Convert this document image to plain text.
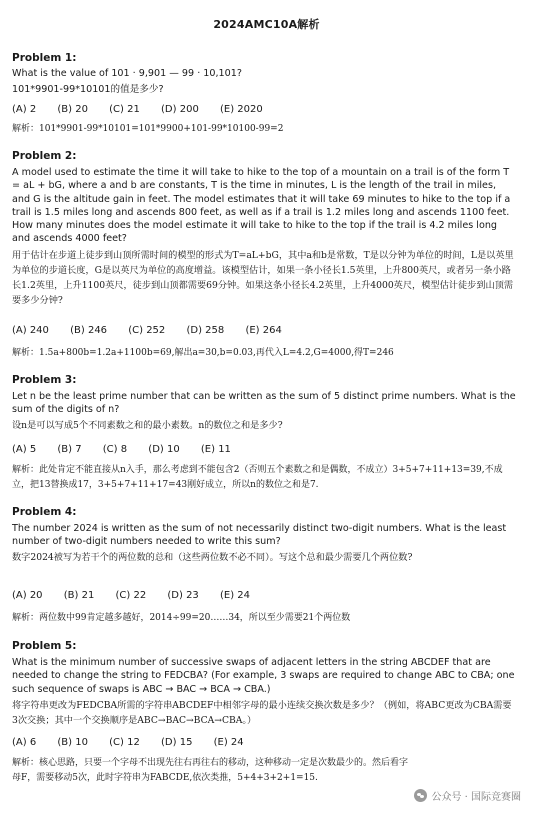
2024AMC10A解析
Problem 1:
What is the value of 101 · 9,901 — 99 · 10,101?
101*9901-99*10101的值是多少?
(A) 2 (B) 20 (C) 21 (D) 200 (E) 2020
解析：101*9901-99*10101=101*9900+101-99*10100-99=2
Problem 2:
A model used to estimate the time it will take to hike to the top of a mountain on a trail is of the form T = aL + bG, where a and b are constants, T is the time in minutes, L is the length of the trail in miles, and G is the altitude gain in feet. The model estimates that it will take 69 minutes to hike to the top if a trail is 1.5 miles long and ascends 800 feet, as well as if a trail is 1.2 miles long and ascends 1100 feet. How many minutes does the model estimate it will take to hike to the top if the trail is 4.2 miles long and ascends 4000 feet?
用于估计在步道上徒步到山顶所需时间的模型的形式为T=aL+bG，其中a和b是常数，T是以分钟为单位的时间，L是以英里为单位的步道长度，G是以英尺为单位的高度增益。该模型估计，如果一条小径长1.5英里，上升800英尺，或者另一条小路长1.2英里，上升1100英尺，徒步到山顶都需要69分钟。如果这条小径长4.2英里，上升4000英尺，模型估计徒步到山顶需要多少分钟?
(A) 240 (B) 246 (C) 252 (D) 258 (E) 264
解析：1.5a+800b=1.2a+1100b=69,解出a=30,b=0.03,再代入L=4.2,G=4000,得T=246
Problem 3:
Let n be the least prime number that can be written as the sum of 5 distinct prime numbers. What is the sum of the digits of n?
设n是可以写成5个不同素数之和的最小素数。n的数位之和是多少?
(A) 5 (B) 7 (C) 8 (D) 10 (E) 11
解析：此处肯定不能直接从n入手，那么考虑到不能包含2（否则五个素数之和是偶数，不成立）3+5+7+11+13=39,不成立，把13替换成17，3+5+7+11+17=43刚好成立，所以n的数位之和是7.
Problem 4:
The number 2024 is written as the sum of not necessarily distinct two-digit numbers. What is the least number of two-digit numbers needed to write this sum?
数字2024被写为若干个的两位数的总和（这些两位数不必不同）。写这个总和最少需要几个两位数?
(A) 20 (B) 21 (C) 22 (D) 23 (E) 24
解析：两位数中99肯定越多越好，2014÷99=20……34，所以至少需要21个两位数
Problem 5:
What is the minimum number of successive swaps of adjacent letters in the string ABCDEF that are needed to change the string to FEDCBA? (For example, 3 swaps are required to change ABC to CBA; one such sequence of swaps is ABC → BAC → BCA → CBA.)
将字符串更改为FEDCBA所需的字符串ABCDEF中相邻字母的最小连续交换次数是多少？（例如，将ABC更改为CBA需要3次交换；其中一个交换顺序是ABC→BAC→BCA→CBA。）
(A) 6 (B) 10 (C) 12 (D) 15 (E) 24
解析：核心思路，只要一个字母不出现先往右再往右的移动，这种移动一定是次数最少的。然后看字母F，需要移动5次，此时字符串为FABCDE,依次类推，5+4+3+2+1=15.
公众号 · 国际竞赛圈
